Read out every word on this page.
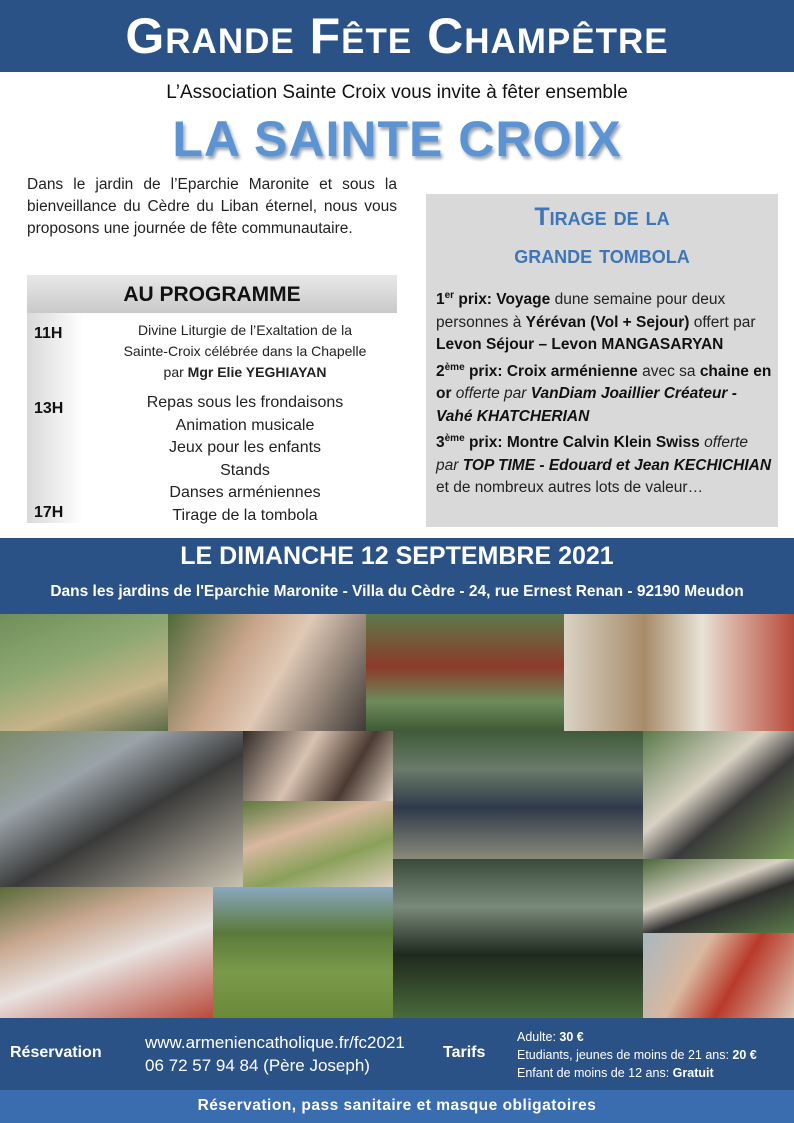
Grande Fête Champêtre
L’Association Sainte Croix vous invite à fêter ensemble
LA SAINTE CROIX
Dans le jardin de l’Eparchie Maronite et sous la bienveillance du Cèdre du Liban éternel, nous vous proposons une journée de fête communautaire.
AU PROGRAMME
11H
13H
17H
Divine Liturgie de l’Exaltation de la
Sainte-Croix célébrée dans la Chapelle
par Mgr Elie YEGHIAYAN
Repas sous les frondaisons
Animation musicale
Jeux pour les enfants
Stands
Danses arméniennes
Tirage de la tombola
Tirage de la
grande tombola
1er prix: Voyage dune semaine pour deux personnes à Yérévan (Vol + Sejour) offert par Levon Séjour – Levon MANGASARYAN
2ème prix: Croix arménienne avec sa chaine en or offerte par VanDiam Joaillier Créateur - Vahé KHATCHERIAN
3ème prix: Montre Calvin Klein Swiss offerte par TOP TIME - Edouard et Jean KECHICHIAN
et de nombreux autres lots de valeur…
LE DIMANCHE 12 SEPTEMBRE 2021
Dans les jardins de l'Eparchie Maronite - Villa du Cèdre - 24, rue Ernest Renan - 92190 Meudon
Réservation
www.armeniencatholique.fr/fc2021
06 72 57 94 84 (Père Joseph)
Tarifs
Adulte: 30 €
Etudiants, jeunes de moins de 21 ans: 20 €
Enfant de moins de 12 ans: Gratuit
Réservation, pass sanitaire et masque obligatoires
